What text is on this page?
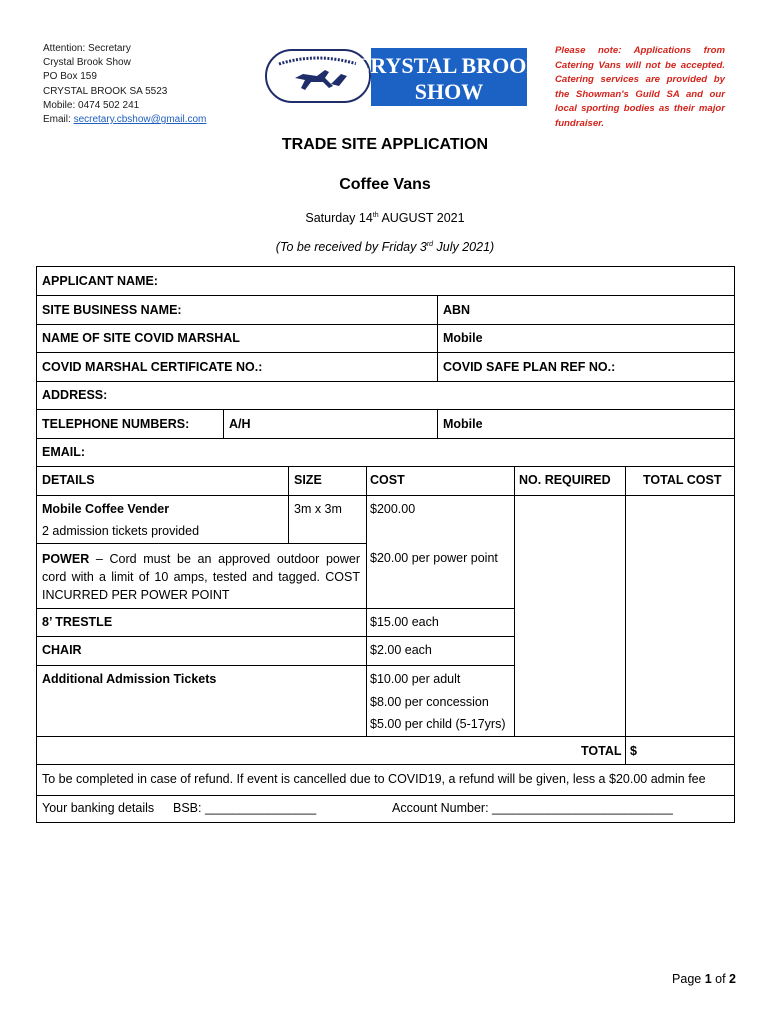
Attention: Secretary
Crystal Brook Show
PO Box 159
CRYSTAL BROOK SA 5523
Mobile: 0474 502 241
Email: secretary.cbshow@gmail.com
CRYSTAL BROOK
SHOW
Please note: Applications from Catering Vans will not be accepted. Catering services are provided by the Showman's Guild SA and our local sporting bodies as their major fundraiser.
TRADE SITE APPLICATION
Coffee Vans
Saturday 14th AUGUST 2021
(To be received by Friday 3rd July 2021)
APPLICANT NAME:
SITE BUSINESS NAME:	ABN
NAME OF SITE COVID MARSHAL	Mobile
COVID MARSHAL CERTIFICATE NO.:	COVID SAFE PLAN REF NO.:
ADDRESS:
TELEPHONE NUMBERS:	A/H	Mobile
EMAIL:
DETAILS	SIZE	COST	NO. REQUIRED	TOTAL COST
Mobile Coffee Vender
2 admission tickets provided
3m x 3m $200.00
POWER – Cord must be an approved outdoor power cord with a limit of 10 amps, tested and tagged. COST INCURRED PER POWER POINT
$20.00 per power point
8’ TRESTLE	$15.00 each
CHAIR	$2.00 each
Additional Admission Tickets	$10.00 per adult
$8.00 per concession
$5.00 per child (5-17yrs)
TOTAL $
To be completed in case of refund. If event is cancelled due to COVID19, a refund will be given, less a $20.00 admin fee
Your banking details BSB: ________________	Account Number: __________________________
Page 1 of 2
